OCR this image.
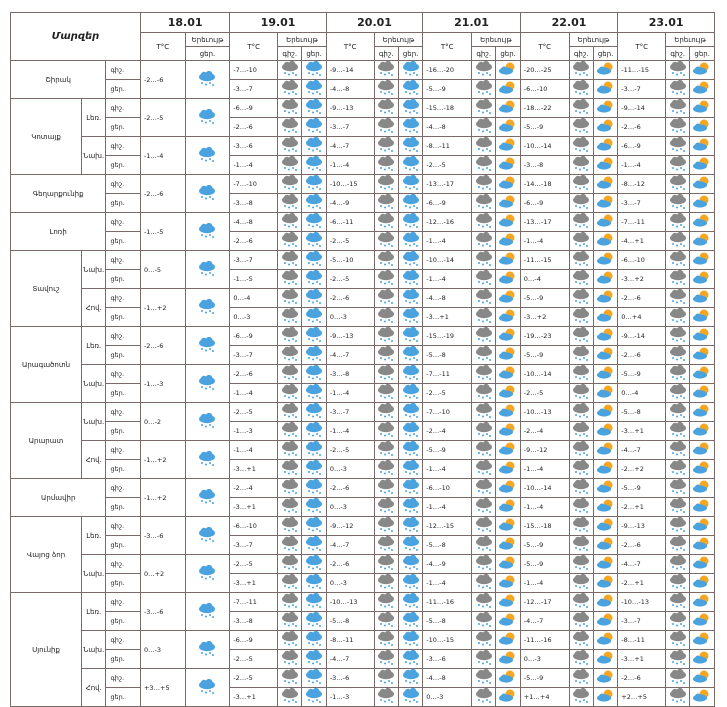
Մարզեր			18.01		19.01			20.01			21.01			22.01			23.01		
			T°C	Երեւույթ	T°C	Երեւույթ		T°C	Երեւույթ		T°C	Երեւույթ		T°C	Երեւույթ		T°C	Երեւույթ	
				ցեր.		գիշ.	ցեր.		գիշ.	ցեր.		գիշ.	ցեր.		գիշ.	ցեր.		գիշ.	ցեր.
Շիրակ		գիշ.	-2…-6		-7…-10			-9…-14			-16…-20			-20…-25			-11…-15		
		ցեր.			-3…-7			-4…-8			-5…-9			-6…-10			-3…-7		
Կոտայք	Լեռ.	գիշ.	-2…-5		-6…-9			-9…-13			-15…-18			-18…-22			-9…-14		
		ցեր.			-2…-6			-3…-7			-4…-8			-5…-9			-2…-6		
	Նախ.	գիշ.	-1…-4		-3…-6			-4…-7			-8…-11			-10…-14			-6…-9		
		ցեր.			-1…-4			-1…-4			-2…-5			-3…-8			-1…-4		
Գեղարքունիք		գիշ.	-2…-6		-7…-10			-10…-15			-13…-17			-14…-18			-8…-12		
		ցեր.			-3…-8			-4…-9			-6…-9			-6…-9			-3…-7		
Լոռի		գիշ.	-1…-5		-4…-8			-6…-11			-12…-16			-13…-17			-7…-11		
		ցեր.			-2…-6			-2…-5			-1…-4			-1…-4			-4…+1		
Տավուշ	Նախ.	գիշ.	0…-5		-3…-7			-5…-10			-10…-14			-11…-15			-6…-10		
		ցեր.			-1…-5			-2…-5			-1…-4			0…-4			-3…+2		
	Հով.	գիշ.	-1…+2		0…-4			-2…-6			-4…-8			-5…-9			-2…-6		
		ցեր.			0…-3			0…-3			-3…+1			-3…+2			0…+4		
Արագածոտն	Լեռ.	գիշ.	-2…-6		-6…-9			-9…-13			-15…-19			-19…-23			-9…-14		
		ցեր.			-3…-7			-4…-7			-5…-8			-5…-9			-2…-6		
	Նախ.	գիշ.	-1…-3		-2…-6			-3…-8			-7…-11			-10…-14			-5…-9		
		ցեր.			-1…-4			-1…-4			-2…-5			-2…-5			0…-4		
Արարատ	Նախ.	գիշ.	0…-2		-2…-5			-3…-7			-7…-10			-10…-13			-5…-8		
		ցեր.			-1…-3			-1…-4			-2…-4			-2…-4			-3…+1		
	Հով.	գիշ.	-1…+2		-1…-4			-2…-5			-5…-9			-9…-12			-4…-7		
		ցեր.			-3…+1			0…-3			-1…-4			-1…-4			-2…+2		
Արմավիր		գիշ.	-1…+2		-2…-4			-2…-6			-6…-10			-10…-14			-5…-9		
		ցեր.			-3…+1			0…-3			-1…-4			-1…-4			-2…+1		
Վայոց ձոր	Լեռ.	գիշ.	-3…-6		-6…-10			-9…-12			-12…-15			-15…-18			-9…-13		
		ցեր.			-3…-7			-4…-7			-5…-8			-5…-9			-2…-6		
	Նախ.	գիշ.	0…+2		-2…-5			-2…-6			-4…-9			-5…-9			-4…-7		
		ցեր.			-3…+1			0…-3			-1…-4			-1…-4			-2…+1		
Սյունիք	Լեռ.	գիշ.	-3…-6		-7…-11			-10…-13			-11…-16			-12…-17			-10…-13		
		ցեր.			-3…-8			-5…-8			-5…-8			-4…-7			-3…-7		
	Նախ.	գիշ.	0…-3		-6…-9			-8…-11			-10…-15			-11…-16			-8…-11		
		ցեր.			-2…-5			-4…-7			-3…-6			0…-3			-3…+1		
	Հով.	գիշ.	+3…+5		-2…-5			-3…-6			-4…-8			-5…-9			-2…-6		
		ցեր.			-3…+1			-1…-3			0…-3			+1…+4			+2…+5		
